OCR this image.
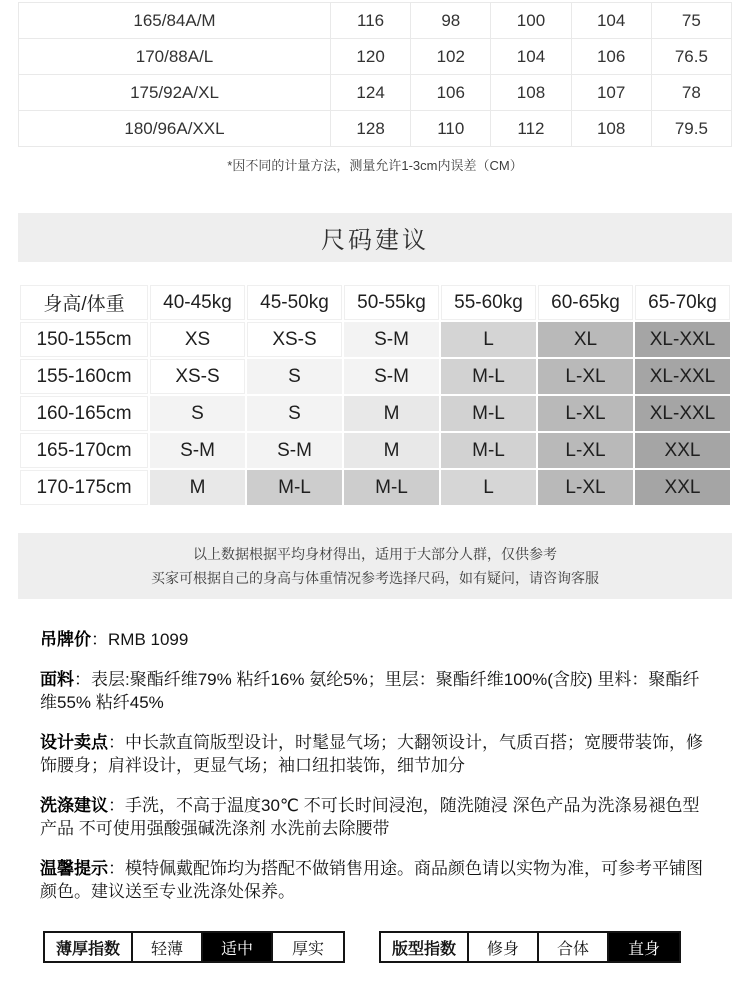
165/84A/M	116	98	100	104	75
170/88A/L	120	102	104	106	76.5
175/92A/XL	124	106	108	107	78
180/96A/XXL	128	110	112	108	79.5
*因不同的计量方法，测量允许1-3cm内误差（CM）
尺码建议
身高/体重	40-45kg	45-50kg	50-55kg	55-60kg	60-65kg	65-70kg
150-155cm	XS	XS-S	S-M	L	XL	XL-XXL
155-160cm	XS-S	S	S-M	M-L	L-XL	XL-XXL
160-165cm	S	S	M	M-L	L-XL	XL-XXL
165-170cm	S-M	S-M	M	M-L	L-XL	XXL
170-175cm	M	M-L	M-L	L	L-XL	XXL
以上数据根据平均身材得出，适用于大部分人群，仅供参考
买家可根据自己的身高与体重情况参考选择尺码，如有疑问，请咨询客服

吊牌价：RMB 1099

面料：表层:聚酯纤维79% 粘纤16% 氨纶5%；里层：聚酯纤维100%(含胶) 里料：聚酯纤维55% 粘纤45%

设计卖点：中长款直筒版型设计，时髦显气场；大翻领设计，气质百搭；宽腰带装饰，修饰腰身；肩袢设计，更显气场；袖口纽扣装饰，细节加分

洗涤建议：手洗，不高于温度30℃ 不可长时间浸泡，随洗随浸 深色产品为洗涤易褪色型产品 不可使用强酸强碱洗涤剂 水洗前去除腰带

温馨提示：模特佩戴配饰均为搭配不做销售用途。商品颜色请以实物为准，可参考平铺图颜色。建议送至专业洗涤处保养。

薄厚指数	轻薄	适中	厚实	版型指数	修身	合体	直身
